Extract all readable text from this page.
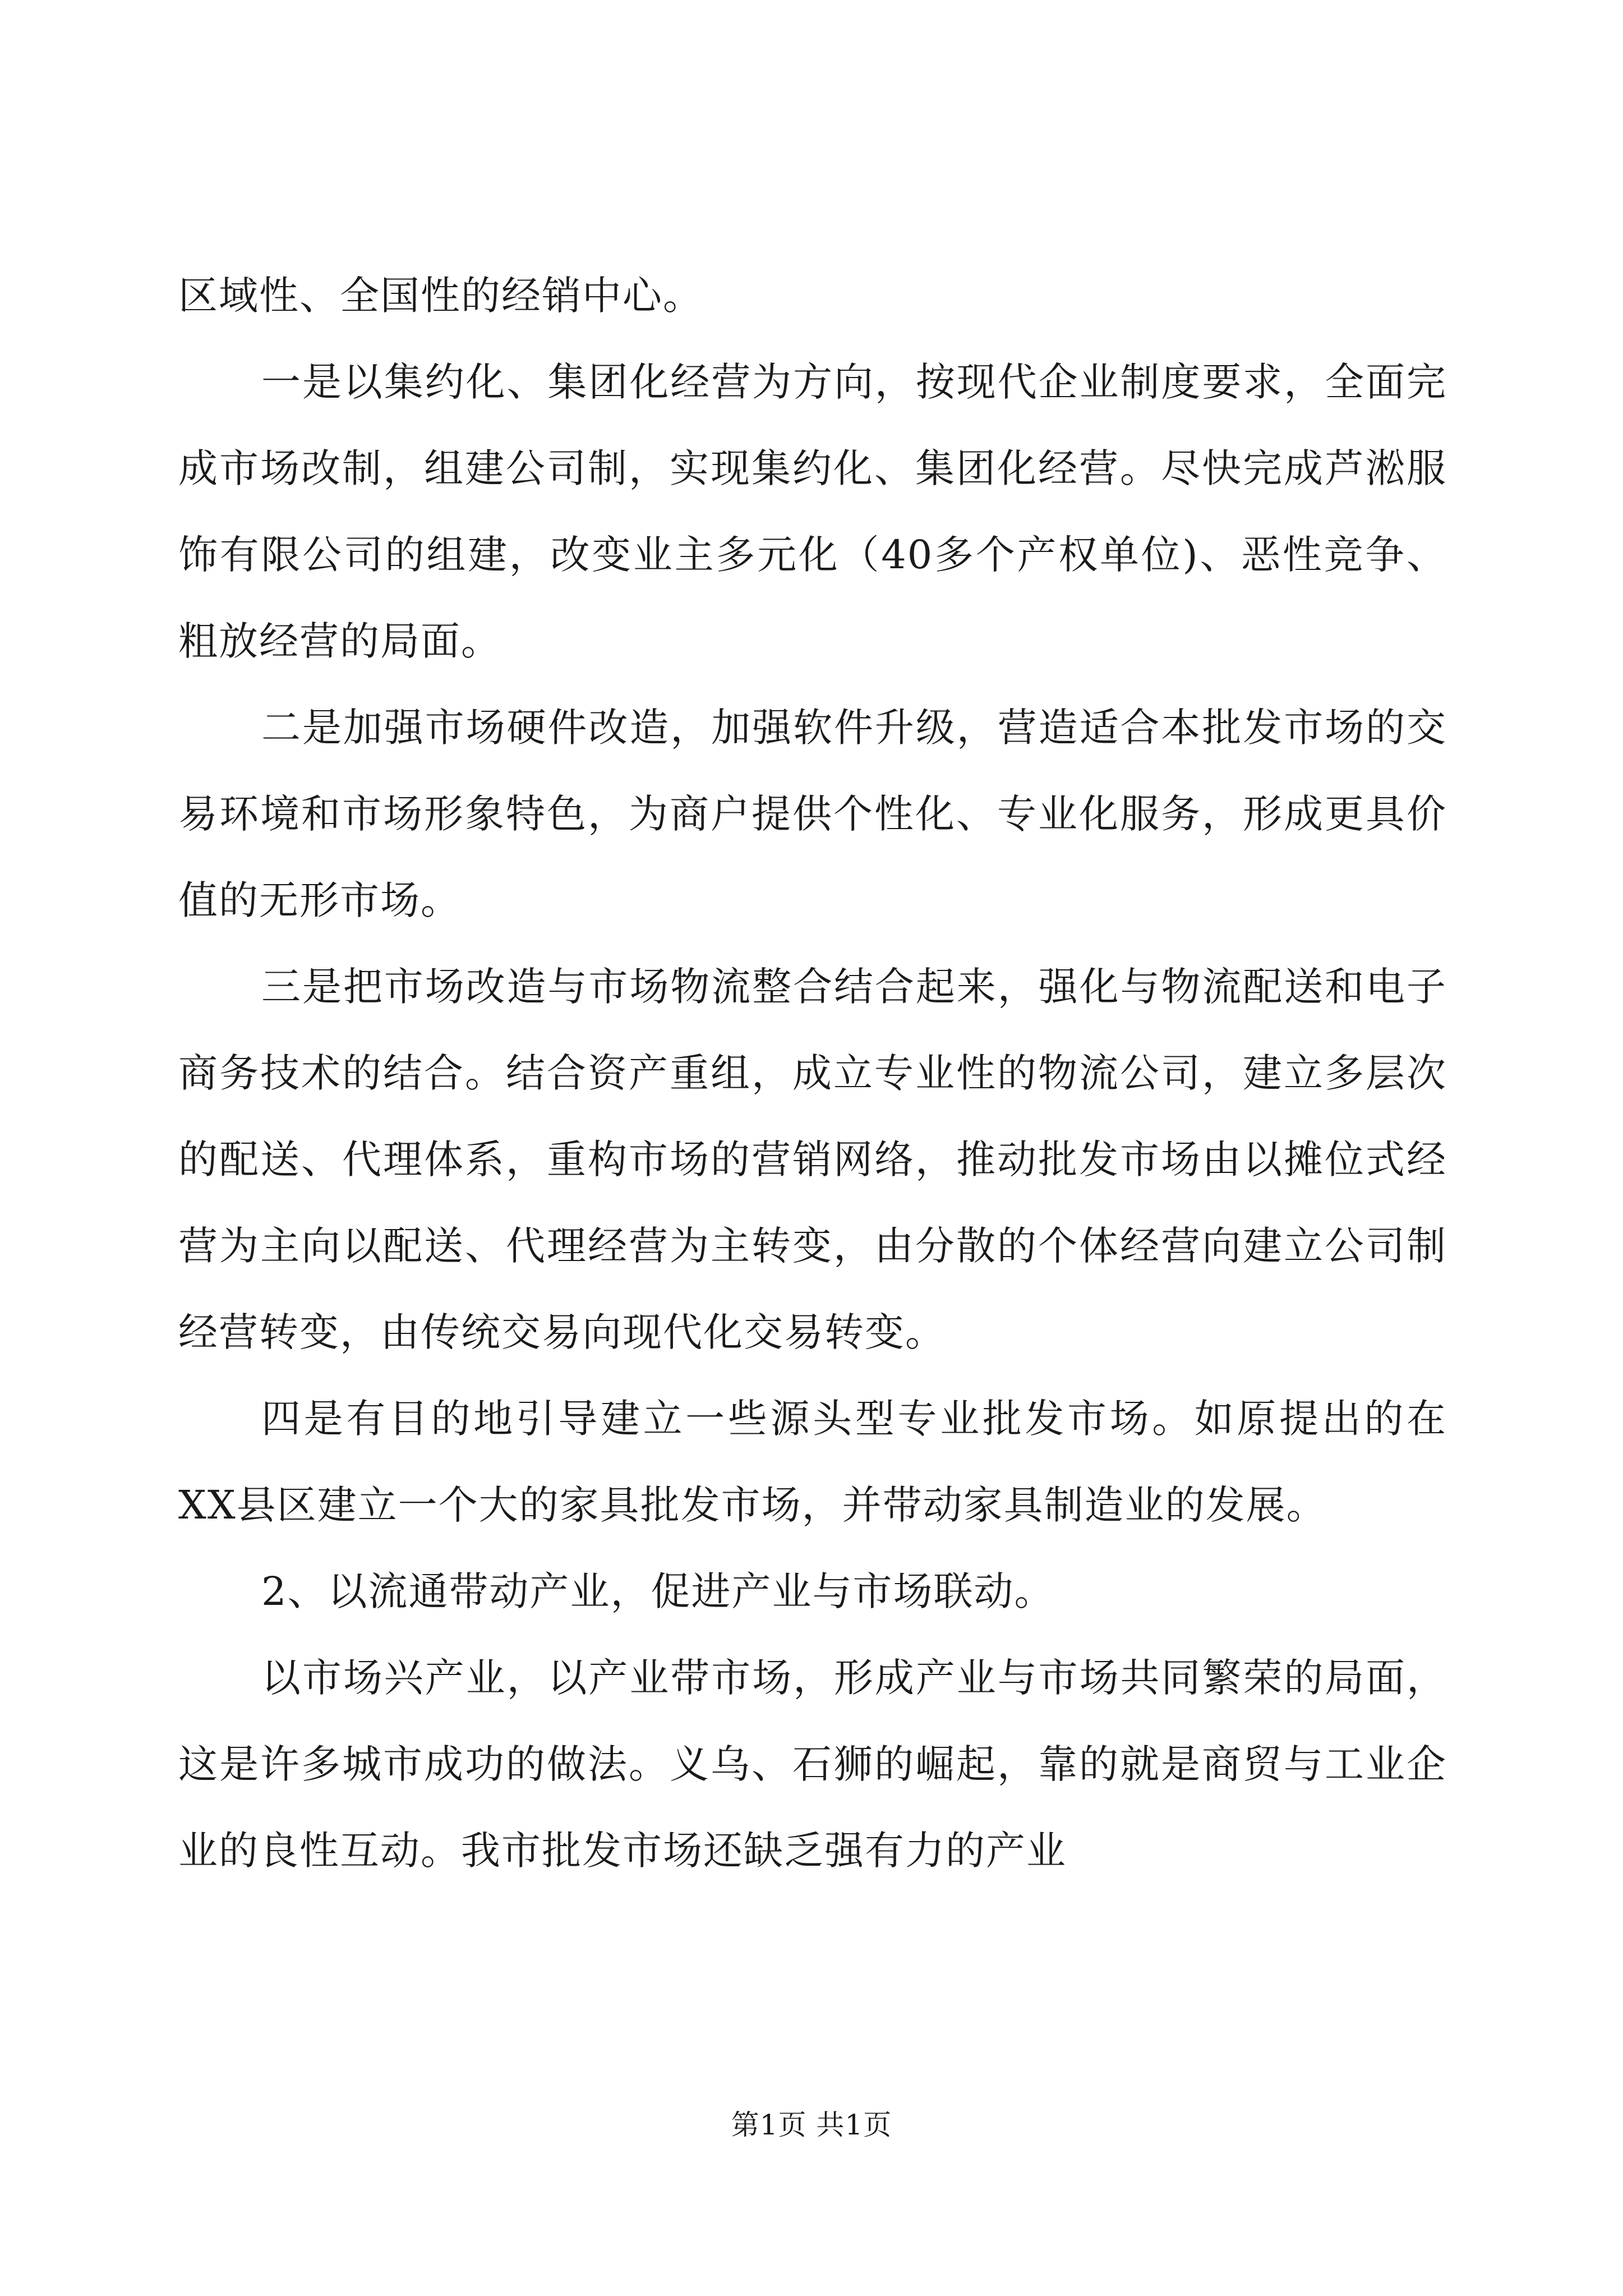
区域性、全国性的经销中心。

一是以集约化、集团化经营为方向，按现代企业制度要求，全面完成市场改制，组建公司制，实现集约化、集团化经营。尽快完成芦淞服饰有限公司的组建，改变业主多元化（40多个产权单位)、恶性竞争、粗放经营的局面。

二是加强市场硬件改造，加强软件升级，营造适合本批发市场的交易环境和市场形象特色，为商户提供个性化、专业化服务，形成更具价值的无形市场。

三是把市场改造与市场物流整合结合起来，强化与物流配送和电子商务技术的结合。结合资产重组，成立专业性的物流公司，建立多层次的配送、代理体系，重构市场的营销网络，推动批发市场由以摊位式经营为主向以配送、代理经营为主转变，由分散的个体经营向建立公司制经营转变，由传统交易向现代化交易转变。

四是有目的地引导建立一些源头型专业批发市场。如原提出的在XX县区建立一个大的家具批发市场，并带动家具制造业的发展。

2、以流通带动产业，促进产业与市场联动。

以市场兴产业，以产业带市场，形成产业与市场共同繁荣的局面，这是许多城市成功的做法。义乌、石狮的崛起，靠的就是商贸与工业企业的良性互动。我市批发市场还缺乏强有力的产业

第1页 共1页
